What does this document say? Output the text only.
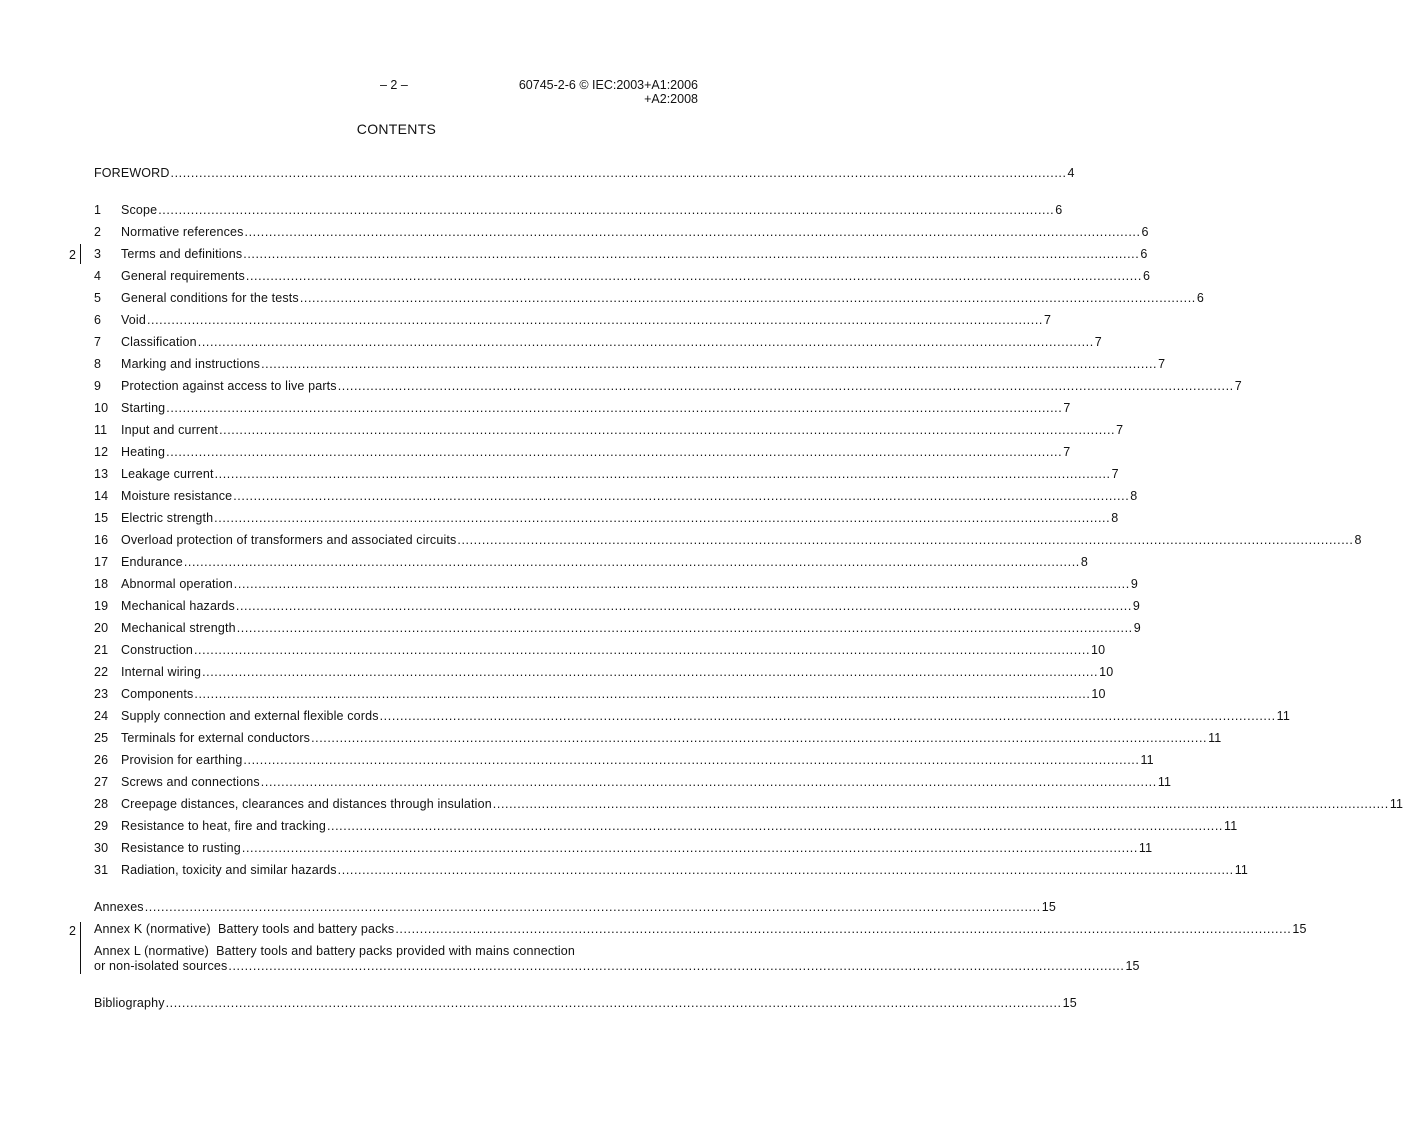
– 2 –	60745-2-6 © IEC:2003+A1:2006
+A2:2008
CONTENTS
FOREWORD ............................................................................................................................................................................................................................ 4
1	Scope ............................................................................................................................................................................................................................ 6
2	Normative references ............................................................................................................................................................................................................................ 6
3	Terms and definitions ............................................................................................................................................................................................................................ 6
4	General requirements ............................................................................................................................................................................................................................ 6
5	General conditions for the tests ............................................................................................................................................................................................................................ 6
6	Void ............................................................................................................................................................................................................................ 7
7	Classification ............................................................................................................................................................................................................................ 7
8	Marking and instructions ............................................................................................................................................................................................................................ 7
9	Protection against access to live parts ............................................................................................................................................................................................................................ 7
10	Starting ............................................................................................................................................................................................................................ 7
11	Input and current ............................................................................................................................................................................................................................ 7
12	Heating ............................................................................................................................................................................................................................ 7
13	Leakage current ............................................................................................................................................................................................................................ 7
14	Moisture resistance ............................................................................................................................................................................................................................ 8
15	Electric strength ............................................................................................................................................................................................................................ 8
16	Overload protection of transformers and associated circuits ............................................................................................................................................................................................................................ 8
17	Endurance ............................................................................................................................................................................................................................ 8
18	Abnormal operation ............................................................................................................................................................................................................................ 9
19	Mechanical hazards ............................................................................................................................................................................................................................ 9
20	Mechanical strength ............................................................................................................................................................................................................................ 9
21	Construction ............................................................................................................................................................................................................................ 10
22	Internal wiring ............................................................................................................................................................................................................................ 10
23	Components ............................................................................................................................................................................................................................ 10
24	Supply connection and external flexible cords ............................................................................................................................................................................................................................ 11
25	Terminals for external conductors ............................................................................................................................................................................................................................ 11
26	Provision for earthing ............................................................................................................................................................................................................................ 11
27	Screws and connections ............................................................................................................................................................................................................................ 11
28	Creepage distances, clearances and distances through insulation ............................................................................................................................................................................................................................ 11
29	Resistance to heat, fire and tracking ............................................................................................................................................................................................................................ 11
30	Resistance to rusting ............................................................................................................................................................................................................................ 11
31	Radiation, toxicity and similar hazards ............................................................................................................................................................................................................................ 11
2
2
Annexes ............................................................................................................................................................................................................................ 15
Annex K (normative)  Battery tools and battery packs ............................................................................................................................................................................................................................ 15
Annex L (normative)  Battery tools and battery packs provided with mains connection
or non-isolated sources ............................................................................................................................................................................................................................ 15
Bibliography ............................................................................................................................................................................................................................ 15
